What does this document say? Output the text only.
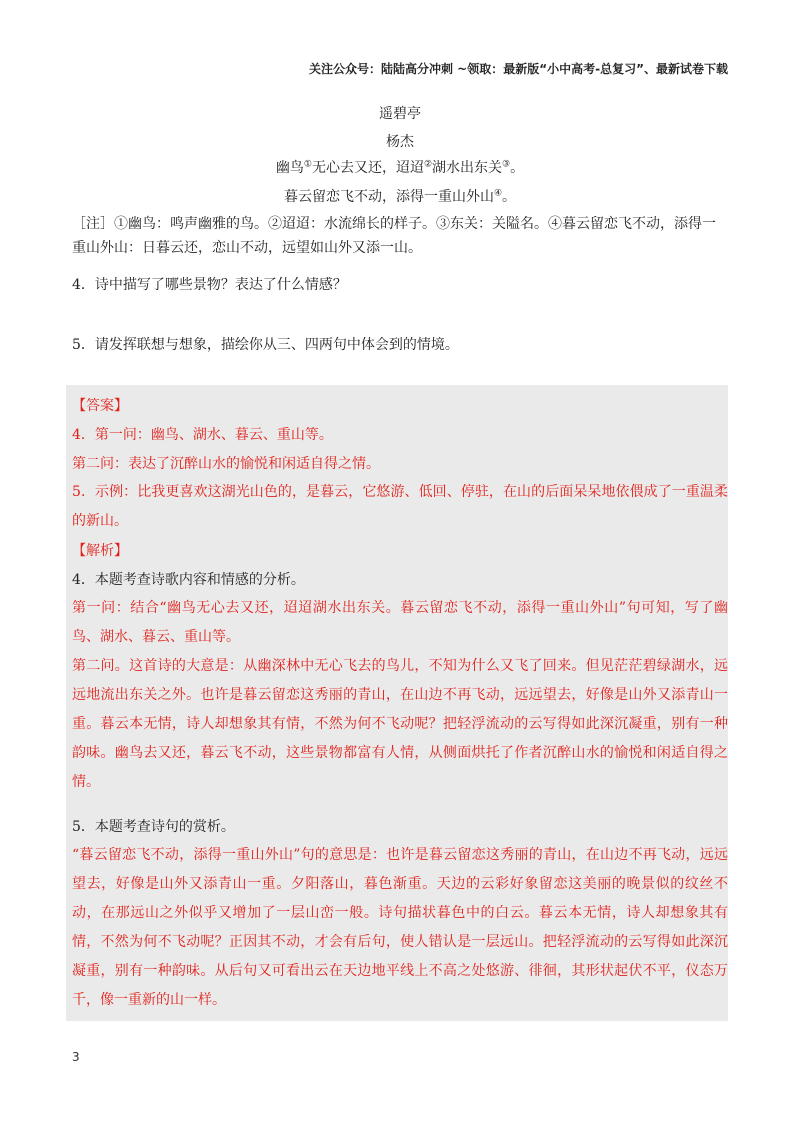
关注公众号：陆陆高分冲刺 ~领取：最新版“小中高考-总复习”、最新试卷下载
遥碧亭
杨杰
幽鸟①无心去又还，迢迢②湖水出东关③。
暮云留恋飞不动，添得一重山外山④。
［注］①幽鸟：鸣声幽雅的鸟。②迢迢：水流绵长的样子。③东关：关隘名。④暮云留恋飞不动，添得一重山外山：日暮云还，恋山不动，远望如山外又添一山。
4．诗中描写了哪些景物？表达了什么情感？
5．请发挥联想与想象，描绘你从三、四两句中体会到的情境。
【答案】
4．第一问：幽鸟、湖水、暮云、重山等。
第二问：表达了沉醉山水的愉悦和闲适自得之情。
5．示例：比我更喜欢这湖光山色的，是暮云，它悠游、低回、停驻，在山的后面呆呆地依偎成了一重温柔的新山。
【解析】
4．本题考查诗歌内容和情感的分析。
第一问：结合“幽鸟无心去又还，迢迢湖水出东关。暮云留恋飞不动，添得一重山外山”句可知，写了幽鸟、湖水、暮云、重山等。
第二问。这首诗的大意是：从幽深林中无心飞去的鸟儿，不知为什么又飞了回来。但见茫茫碧绿湖水，远远地流出东关之外。也许是暮云留恋这秀丽的青山，在山边不再飞动，远远望去，好像是山外又添青山一重。暮云本无情，诗人却想象其有情，不然为何不飞动呢？把轻浮流动的云写得如此深沉凝重，别有一种韵味。幽鸟去又还，暮云飞不动，这些景物都富有人情，从侧面烘托了作者沉醉山水的愉悦和闲适自得之情。
5．本题考查诗句的赏析。
“暮云留恋飞不动，添得一重山外山”句的意思是：也许是暮云留恋这秀丽的青山，在山边不再飞动，远远望去，好像是山外又添青山一重。夕阳落山，暮色渐重。天边的云彩好象留恋这美丽的晚景似的纹丝不动，在那远山之外似乎又增加了一层山峦一般。诗句描状暮色中的白云。暮云本无情，诗人却想象其有情，不然为何不飞动呢？正因其不动，才会有后句，使人错认是一层远山。把轻浮流动的云写得如此深沉凝重，别有一种韵味。从后句又可看出云在天边地平线上不高之处悠游、徘徊，其形状起伏不平，仪态万千，像一重新的山一样。
3
